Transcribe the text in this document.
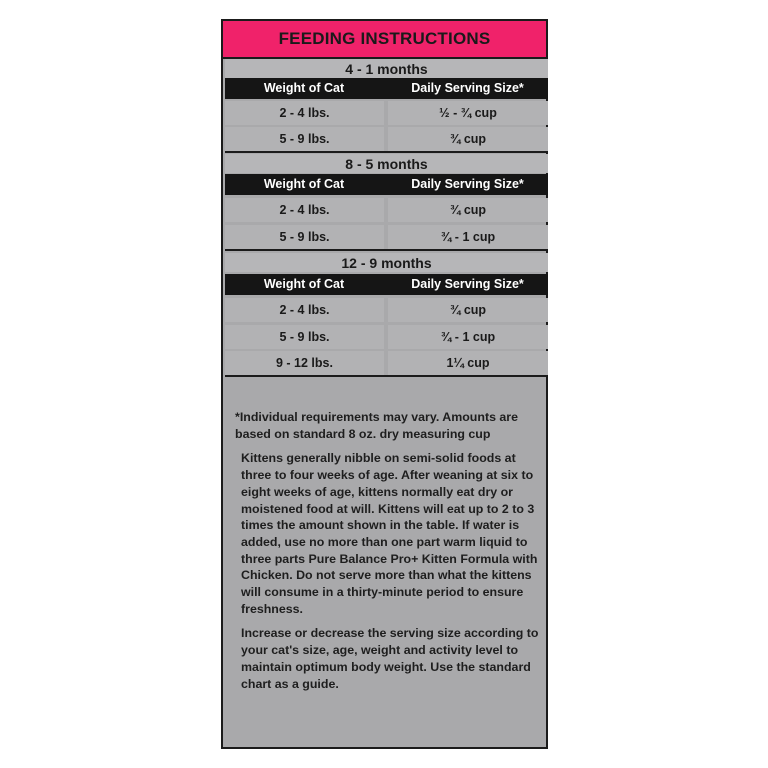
FEEDING INSTRUCTIONS
4 - 1 months
Weight of Cat	Daily Serving Size*
2 - 4 lbs.	½ - ¾ cup
5 - 9 lbs.	¾ cup
8 - 5 months
Weight of Cat	Daily Serving Size*
2 - 4 lbs.	¾ cup
5 - 9 lbs.	¾ - 1 cup
12 - 9 months
Weight of Cat	Daily Serving Size*
2 - 4 lbs.	¾ cup
5 - 9 lbs.	¾ - 1 cup
9 - 12 lbs.	1¼ cup

*Individual requirements may vary. Amounts are based on standard 8 oz. dry measuring cup

Kittens generally nibble on semi-solid foods at three to four weeks of age. After weaning at six to eight weeks of age, kittens normally eat dry or moistened food at will. Kittens will eat up to 2 to 3 times the amount shown in the table. If water is added, use no more than one part warm liquid to three parts Pure Balance Pro+ Kitten Formula with Chicken. Do not serve more than what the kittens will consume in a thirty-minute period to ensure freshness.

Increase or decrease the serving size according to your cat's size, age, weight and activity level to maintain optimum body weight. Use the standard chart as a guide.
